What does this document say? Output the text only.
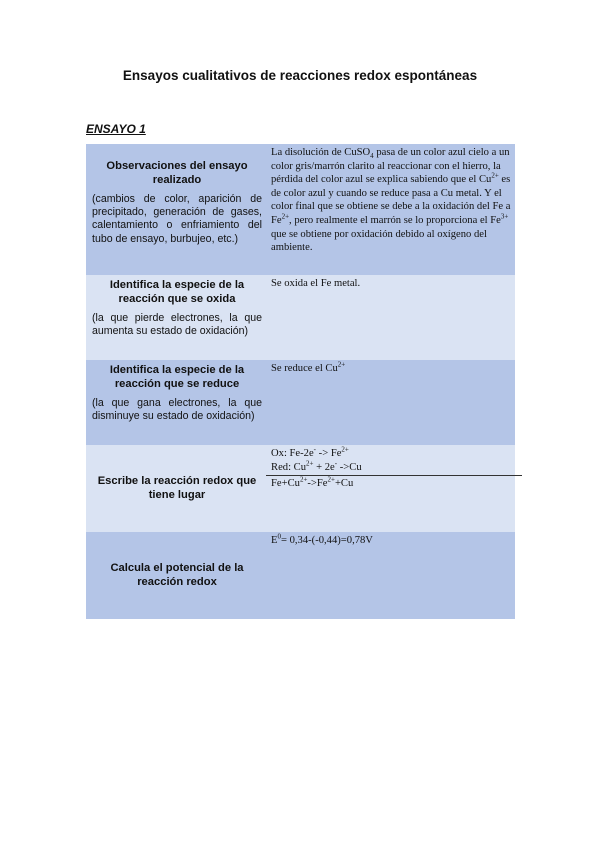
Ensayos cualitativos de reacciones redox espontáneas
ENSAYO 1
Observaciones del ensayo realizado
(cambios de color, aparición de precipitado, generación de gases, calentamiento o enfriamiento del tubo de ensayo, burbujeo, etc.)	La disolución de CuSO$_4$ pasa de un color azul cielo a un color gris/marrón clarito al reaccionar con el hierro, la pérdida del color azul se explica sabiendo que el $Cu^{2+}$ es de color azul y cuando se reduce pasa a Cu metal. Y el color final que se obtiene se debe a la oxidación del Fe a $Fe^{2+}$, pero realmente el marrón se lo proporciona el $Fe^{3+}$ que se obtiene por oxidación debido al oxígeno del ambiente.

Identifica la especie de la reacción que se oxida
(la que pierde electrones, la que aumenta su estado de oxidación)	Se oxida el Fe metal.

Identifica la especie de la reacción que se reduce
(la que gana electrones, la que disminuye su estado de oxidación)	Se reduce el $Cu^{2+}$

Escribe la reacción redox que tiene lugar	Ox: $Fe-2e^- -> Fe^{2+}$
Red: $Cu^{2+} + 2e^-$ ->Cu
$Fe+Cu^{2+}->Fe^{2+}+Cu$

Calcula el potencial de la reacción redox	$E^0= 0,34-(-0,44)=0,78V$
